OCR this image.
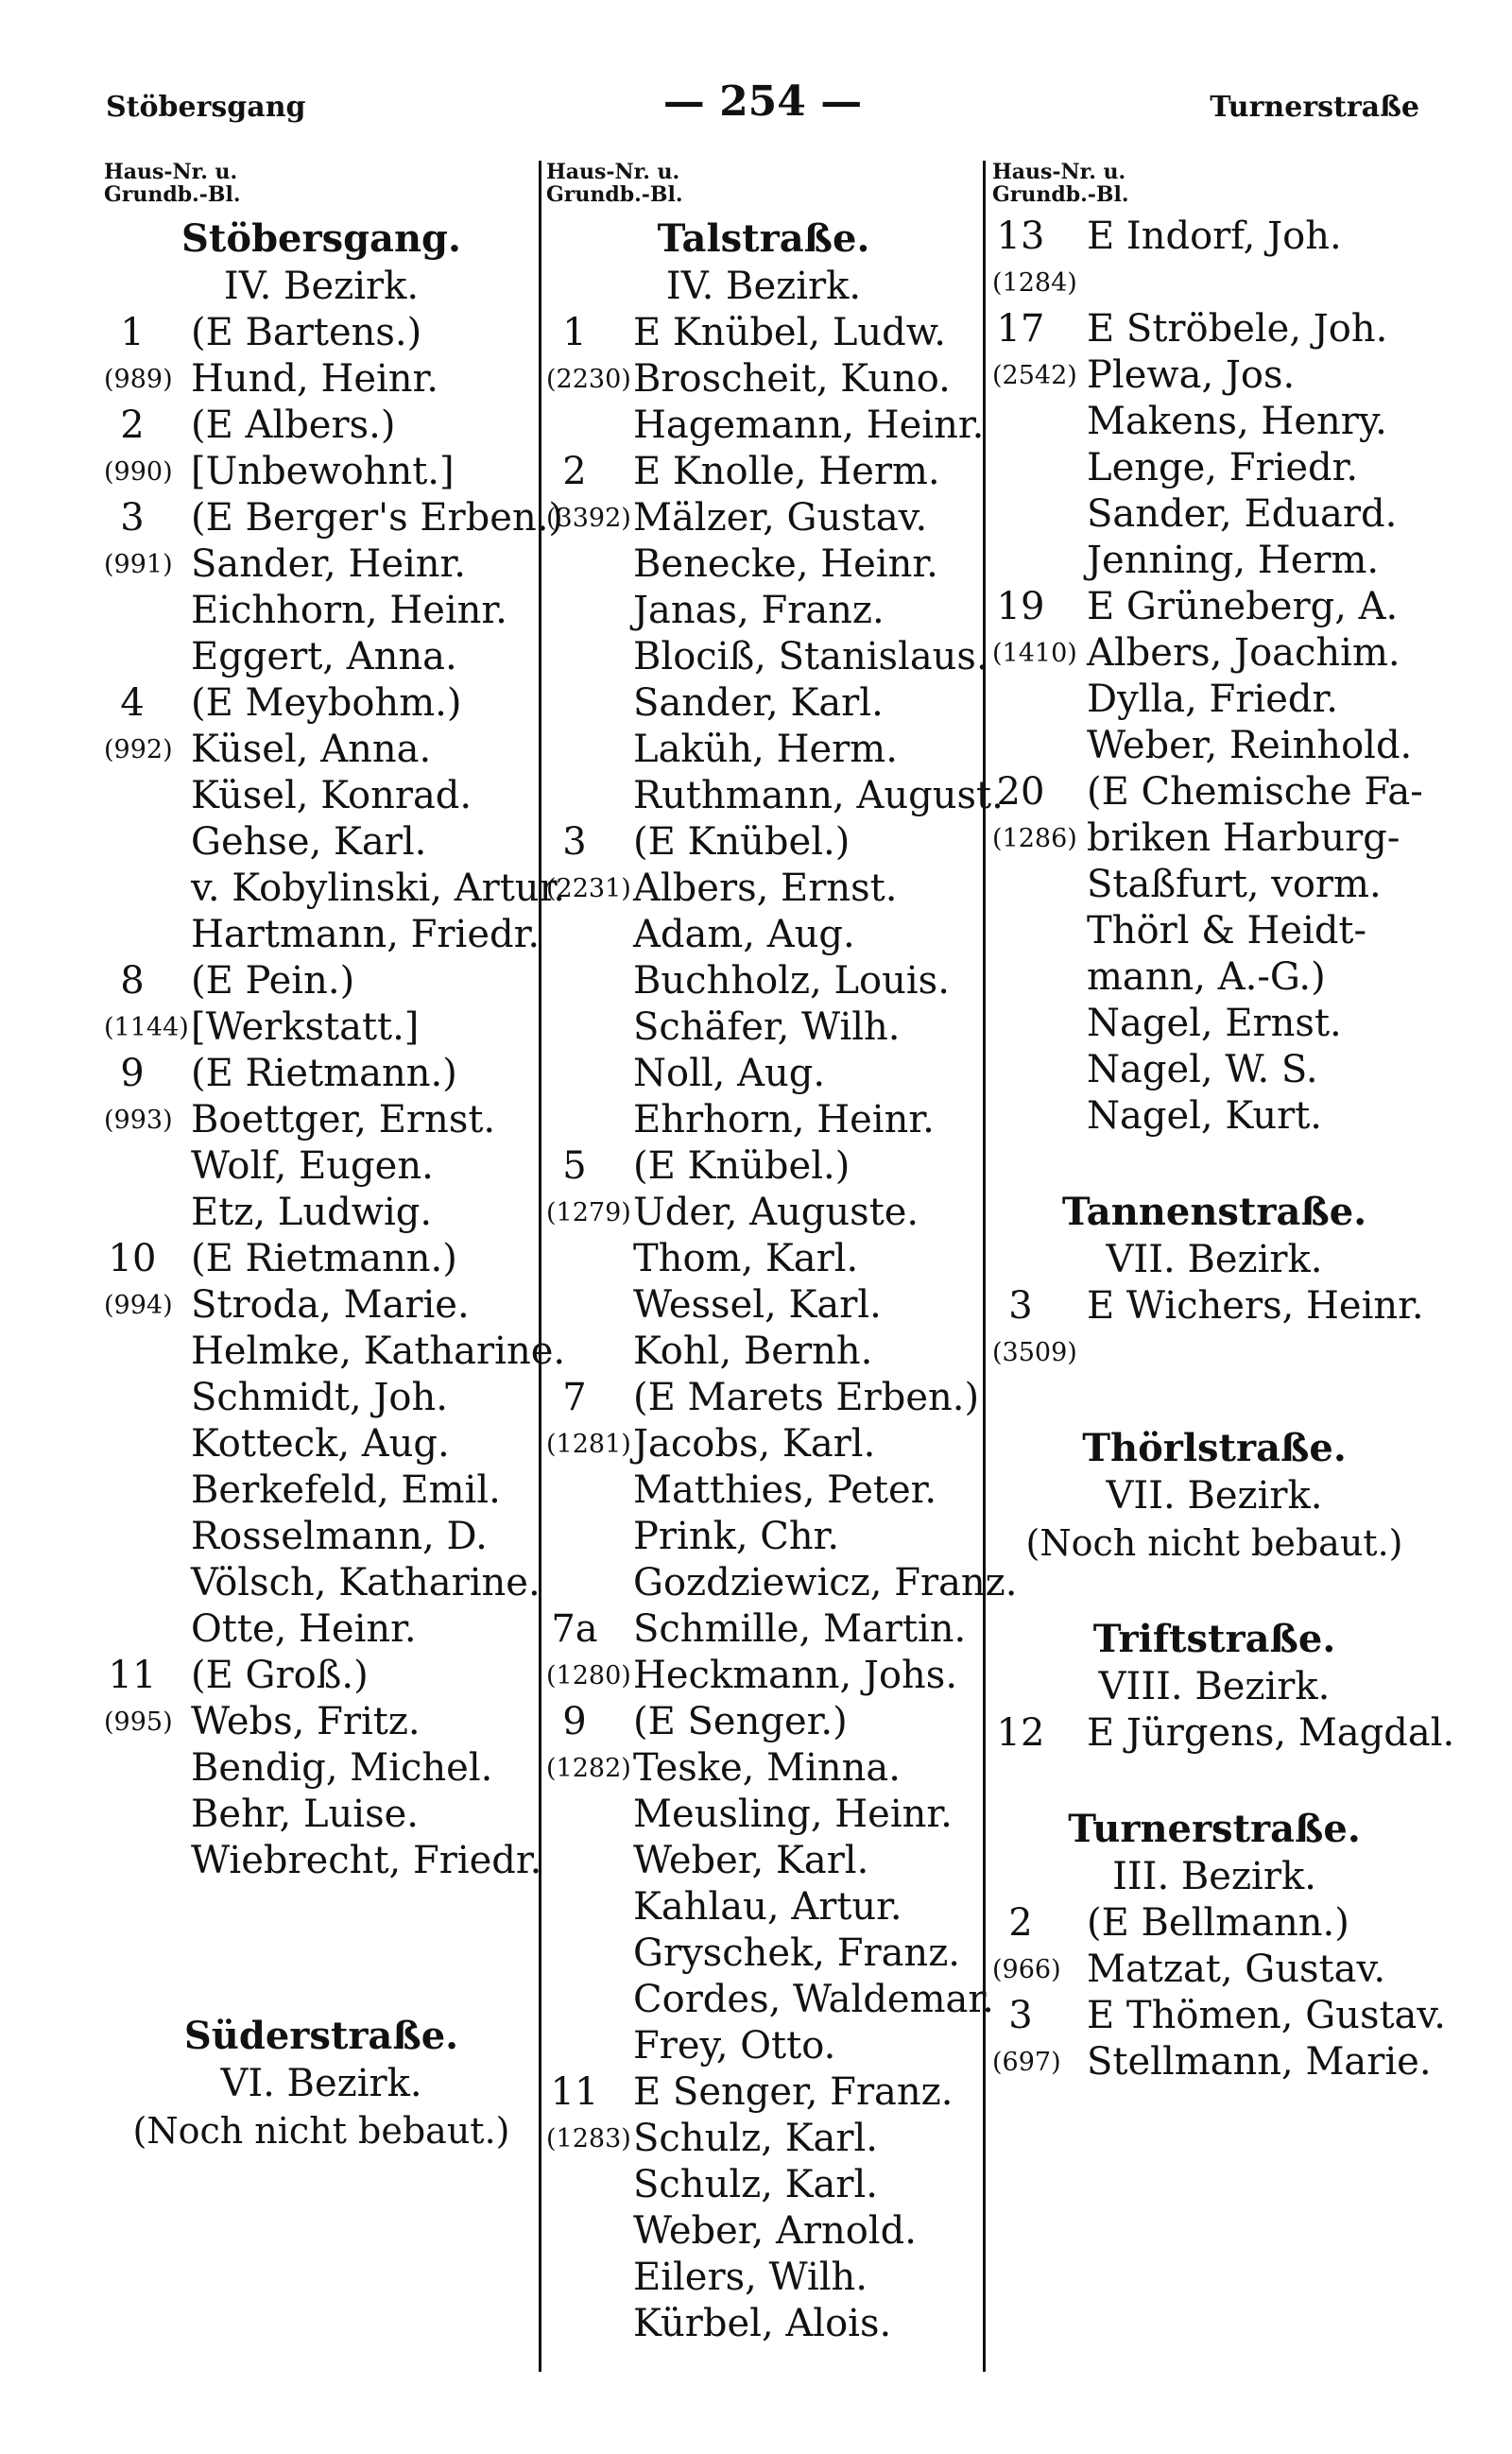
Stöbersgang	— 254 —	Turnerstraße
Haus-Nr. u.
Grundb.-Bl.
Stöbersgang.
IV. Bezirk.
1	(E Bartens.)
$^{(989)}$ Hund, Heinr.
2	(E Albers.)
$^{(990)}$ [Unbewohnt.]
3	(E Berger's Erben.)
$^{(991)}$ Sander, Heinr.
Eichhorn, Heinr.
Eggert, Anna.
4	(E Meybohm.)
$^{(992)}$ Küsel, Anna.
Küsel, Konrad.
Gehse, Karl.
v. Kobylinski, Artur.
Hartmann, Friedr.
8	(E Pein.)
$^{(1144)}$ [Werkstatt.]
9	(E Rietmann.)
$^{(993)}$ Boettger, Ernst.
Wolf, Eugen.
Etz, Ludwig.
10 (E Rietmann.)
$^{(994)}$ Stroda, Marie.
Helmke, Katharine.
Schmidt, Joh.
Kotteck, Aug.
Berkefeld, Emil.
Rosselmann, D.
Völsch, Katharine.
Otte, Heinr.
11 (E Groß.)
$^{(995)}$ Webs, Fritz.
Bendig, Michel.
Behr, Luise.
Wiebrecht, Friedr.
Süderstraße.
VI. Bezirk.
(Noch nicht bebaut.)
Haus-Nr. u.
Grundb.-Bl.
Talstraße.
IV. Bezirk.
1	E Knübel, Ludw.
$^{(2230)}$ Broscheit, Kuno.
Hagemann, Heinr.
2	E Knolle, Herm.
$^{(3392)}$ Mälzer, Gustav.
Benecke, Heinr.
Janas, Franz.
Blociß, Stanislaus.
Sander, Karl.
Laküh, Herm.
Ruthmann, August.
3	(E Knübel.)
$^{(2231)}$ Albers, Ernst.
Adam, Aug.
Buchholz, Louis.
Schäfer, Wilh.
Noll, Aug.
Ehrhorn, Heinr.
5	(E Knübel.)
$^{(1279)}$ Uder, Auguste.
Thom, Karl.
Wessel, Karl.
Kohl, Bernh.
7	(E Marets Erben.)
$^{(1281)}$ Jacobs, Karl.
Matthies, Peter.
Prink, Chr.
Gozdziewicz, Franz.
7a Schmille, Martin.
$^{(1280)}$ Heckmann, Johs.
9	(E Senger.)
$^{(1282)}$ Teske, Minna.
Meusling, Heinr.
Weber, Karl.
Kahlau, Artur.
Gryschek, Franz.
Cordes, Waldemar.
Frey, Otto.
11 E Senger, Franz.
$^{(1283)}$ Schulz, Karl.
Schulz, Karl.
Weber, Arnold.
Eilers, Wilh.
Kürbel, Alois.
Haus-Nr. u.
Grundb.-Bl.
13	E Indorf, Joh.
$^{(1284)}$
17	E Ströbele, Joh.
$^{(2542)}$ Plewa, Jos.
Makens, Henry.
Lenge, Friedr.
Sander, Eduard.
Jenning, Herm.
19	E Grüneberg, A.
$^{(1410)}$ Albers, Joachim.
Dylla, Friedr.
Weber, Reinhold.
20	(E Chemische Fa-
$^{(1286)}$ briken Harburg-
Staßfurt, vorm.
Thörl & Heidt-
mann, A.-G.)
Nagel, Ernst.
Nagel, W. S.
Nagel, Kurt.
Tannenstraße.
VII. Bezirk.
3	E Wichers, Heinr.
$^{(3509)}$
Thörlstraße.
VII. Bezirk.
(Noch nicht bebaut.)
Triftstraße.
VIII. Bezirk.
12	E Jürgens, Magdal.
Turnerstraße.
III. Bezirk.
2	(E Bellmann.)
$^{(966)}$ Matzat, Gustav.
3	E Thömen, Gustav.
$^{(697)}$ Stellmann, Marie.
